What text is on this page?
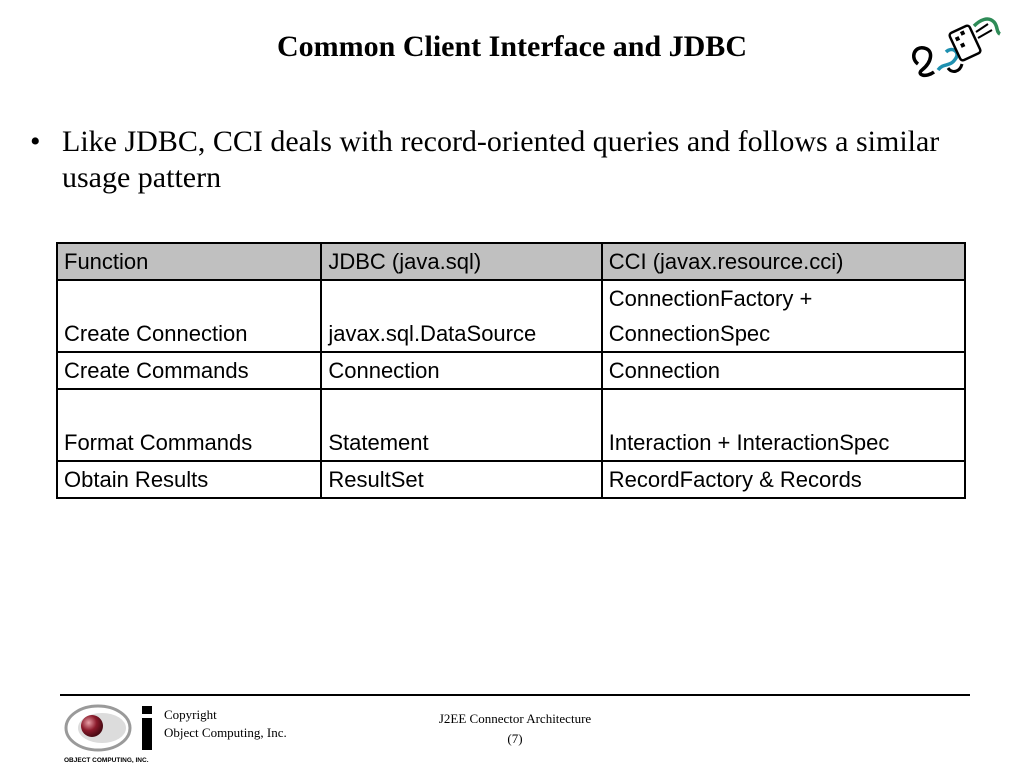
Common Client Interface and JDBC
• Like JDBC, CCI deals with record-oriented queries and follows a similar usage pattern
Function	JDBC (java.sql)	CCI (javax.resource.cci)
Create Connection	javax.sql.DataSource	ConnectionFactory +
ConnectionSpec

Create Commands	Connection	Connection
Format Commands	Statement	Interaction + InteractionSpec
Obtain Results	ResultSet	RecordFactory & Records
OBJECT COMPUTING, INC.
Copyright
Object Computing, Inc.
J2EE Connector Architecture
(7)
